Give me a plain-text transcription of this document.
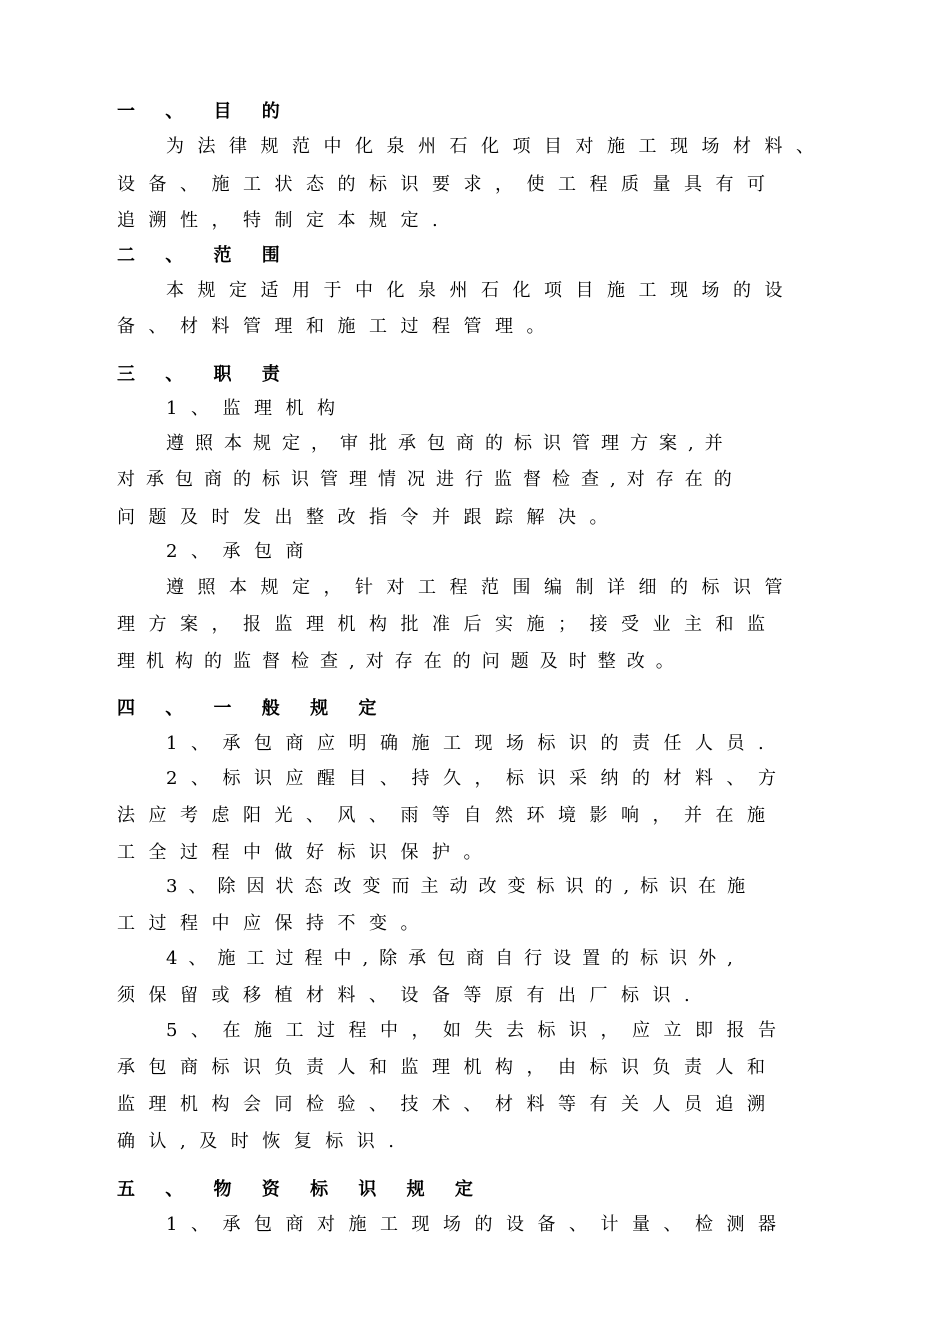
一 、 目 的
为法律规范中化泉州石化项目对施工现场材料、
设备、施工状态的标识要求，使工程质量具有可
追溯性，特制定本规定.
二 、 范 围
本规定适用于中化泉州石化项目施工现场的设
备、材料管理和施工过程管理。
三 、 职 责
1、监理机构
遵照本规定，审批承包商的标识管理方案,并
对承包商的标识管理情况进行监督检查,对存在的
问题及时发出整改指令并跟踪解决。
2、承包商
遵照本规定，针对工程范围编制详细的标识管
理方案，报监理机构批准后实施；接受业主和监
理机构的监督检查,对存在的问题及时整改。
四 、 一 般 规 定
1、承包商应明确施工现场标识的责任人员.
2、标识应醒目、持久，标识采纳的材料、方
法应考虑阳光、风、雨等自然环境影响，并在施
工全过程中做好标识保护。
3、除因状态改变而主动改变标识的,标识在施
工过程中应保持不变。
4、施工过程中,除承包商自行设置的标识外,
须保留或移植材料、设备等原有出厂标识.
5、在施工过程中，如失去标识，应立即报告
承包商标识负责人和监理机构，由标识负责人和
监理机构会同检验、技术、材料等有关人员追溯
确认,及时恢复标识.
五 、 物 资 标 识 规 定
1、承包商对施工现场的设备、计量、检测器
